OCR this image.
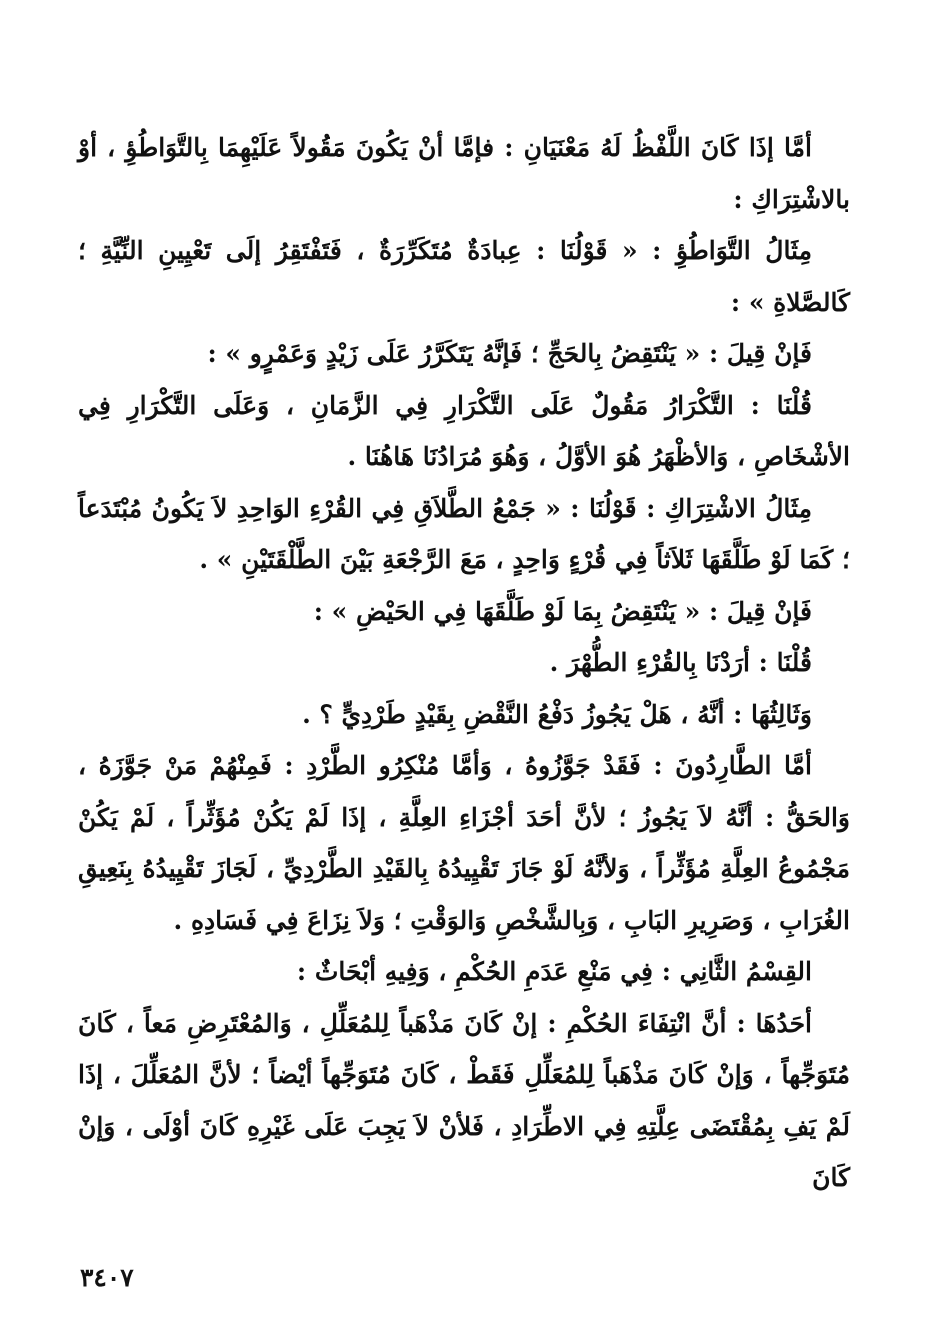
أمَّا إذَا كَانَ اللَّفْظُ لَهُ مَعْنَيَانِ : فإمَّا أنْ يَكُونَ مَقُولاً عَلَيْهِمَا بِالتَّوَاطُؤِ ، أوْ بالاشْتِرَاكِ :

مِثَالُ التَّوَاطُؤِ : « قَوْلُنَا : عِبادَةٌ مُتَكَرِّرَةٌ ، فَتَفْتَقِرُ إلَى تَعْيِينِ النِّيَّةِ ؛ كَالصَّلاةِ » :

فَإنْ قِيلَ : « يَنْتَقِضُ بِالحَجِّ ؛ فَإنَّهُ يَتَكَرَّرُ عَلَى زَيْدٍ وَعَمْرٍو » :

قُلْنَا : التَّكْرَارُ مَقُولٌ عَلَى التَّكْرَارِ فِي الزَّمَانِ ، وَعَلَى التَّكْرَارِ فِي الأشْخَاصِ ، وَالأظْهَرُ هُوَ الأوَّلُ ، وَهُوَ مُرَادُنَا هَاهُنَا .

مِثَالُ الاشْتِرَاكِ : قَوْلُنَا : « جَمْعُ الطَّلاَقِ فِي القُرْءِ الوَاحِدِ لاَ يَكُونُ مُبْتَدَعاً ؛ كَمَا لَوْ طَلَّقَهَا ثَلاَثاً فِي قُرْءٍ وَاحِدٍ ، مَعَ الرَّجْعَةِ بَيْنَ الطَّلْقَتَيْنِ » .

فَإنْ قِيلَ : « يَنْتَقِضُ بِمَا لَوْ طَلَّقَهَا فِي الحَيْضِ » :

قُلْنَا : أرَدْنَا بِالقُرْءِ الطُّهْرَ .

وَثَالِثُهَا : أنَّهُ ، هَلْ يَجُوزُ دَفْعُ النَّقْضِ بِقَيْدٍ طَرْدِيٍّ ؟ .

أمَّا الطَّارِدُونَ : فَقَدْ جَوَّزُوهُ ، وَأمَّا مُنْكِرُو الطَّرْدِ : فَمِنْهُمْ مَنْ جَوَّزَهُ ، وَالحَقُّ : أنَّهُ لاَ يَجُوزُ ؛ لأنَّ أحَدَ أجْزَاءِ العِلَّةِ ، إذَا لَمْ يَكُنْ مُؤَثِّراً ، لَمْ يَكُنْ مَجْمُوعُ العِلَّةِ مُؤَثِّراً ، وَلأنَّهُ لَوْ جَازَ تَقْيِيدُهُ بِالقَيْدِ الطَّرْدِيِّ ، لَجَازَ تَقْيِيدُهُ بِنَعِيقِ الغُرَابِ ، وَصَرِيرِ البَابِ ، وَبِالشَّخْصِ وَالوَقْتِ ؛ وَلاَ نِزَاعَ فِي فَسَادِهِ .

القِسْمُ الثَّانِي : فِي مَنْعِ عَدَمِ الحُكْمِ ، وَفِيهِ أبْحَاثٌ :

أحَدُهَا : أنَّ انْتِفَاءَ الحُكْمِ : إنْ كَانَ مَذْهَباً لِلمُعَلِّلِ ، وَالمُعْتَرِضِ مَعاً ، كَانَ مُتَوَجِّهاً ، وَإنْ كَانَ مَذْهَباً لِلمُعَلِّلِ فَقَطْ ، كَانَ مُتَوَجِّهاً أيْضاً ؛ لأنَّ المُعَلِّلَ ، إذَا لَمْ يَفِ بِمُقْتَضَى عِلَّتِهِ فِي الاطِّرَادِ ، فَلأنْ لاَ يَجِبَ عَلَى غَيْرِهِ كَانَ أوْلَى ، وَإنْ كَانَ

٣٤٠٧
